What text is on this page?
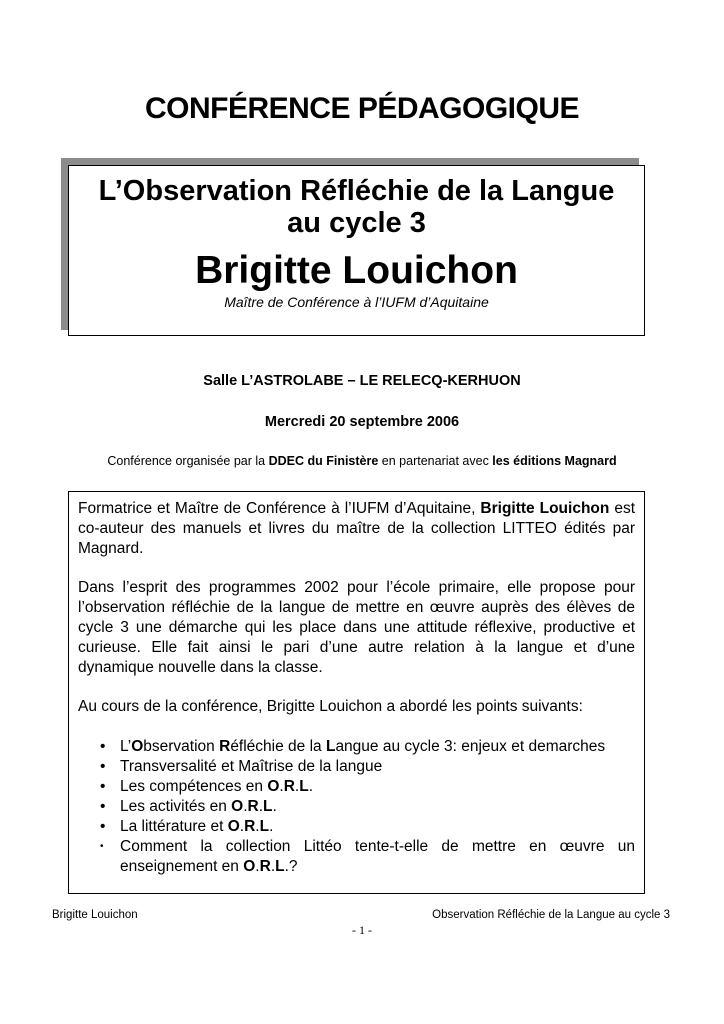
CONFÉRENCE PÉDAGOGIQUE
L’Observation Réfléchie de la Langue
au cycle 3
Brigitte Louichon
Maître de Conférence à l’IUFM d’Aquitaine
Salle L’ASTROLABE – LE RELECQ-KERHUON
Mercredi 20 septembre 2006
Conférence organisée par la DDEC du Finistère en partenariat avec les éditions Magnard

Formatrice et Maître de Conférence à l’IUFM d’Aquitaine, Brigitte Louichon est co-auteur des manuels et livres du maître de la collection LITTEO édités par Magnard.

Dans l’esprit des programmes 2002 pour l’école primaire, elle propose pour l’observation réfléchie de la langue de mettre en œuvre auprès des élèves de cycle 3 une démarche qui les place dans une attitude réflexive, productive et curieuse. Elle fait ainsi le pari d’une autre relation à la langue et d’une dynamique nouvelle dans la classe.

Au cours de la conférence, Brigitte Louichon a abordé les points suivants:

• L’Observation Réfléchie de la Langue au cycle 3: enjeux et demarches
• Transversalité et Maîtrise de la langue
• Les compétences en O.R.L.
• Les activités en O.R.L.
• La littérature et O.R.L.
• Comment la collection Littéo tente-t-elle de mettre en œuvre un enseignement en O.R.L.?
Brigitte Louichon	Observation Réfléchie de la Langue au cycle 3
- 1 -
